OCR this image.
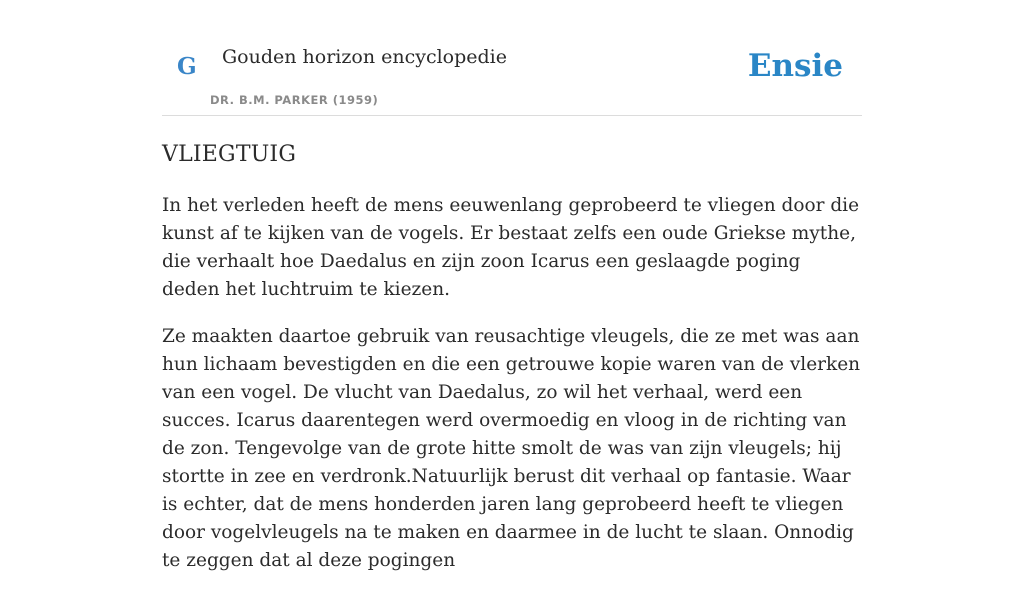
G Gouden horizon encyclopedie
DR. B.M. PARKER (1959)
Ensie
VLIEGTUIG

In het verleden heeft de mens eeuwenlang geprobeerd te vliegen door die kunst af te kijken van de vogels. Er bestaat zelfs een oude Griekse mythe, die verhaalt hoe Daedalus en zijn zoon Icarus een geslaagde poging deden het luchtruim te kiezen.

Ze maakten daartoe gebruik van reusachtige vleugels, die ze met was aan hun lichaam bevestigden en die een getrouwe kopie waren van de vlerken van een vogel. De vlucht van Daedalus, zo wil het verhaal, werd een succes. Icarus daarentegen werd overmoedig en vloog in de richting van de zon. Tengevolge van de grote hitte smolt de was van zijn vleugels; hij stortte in zee en verdronk.Natuurlijk berust dit verhaal op fantasie. Waar is echter, dat de mens honderden jaren lang geprobeerd heeft te vliegen door vogelvleugels na te maken en daarmee in de lucht te slaan. Onnodig te zeggen dat al deze pogingen
